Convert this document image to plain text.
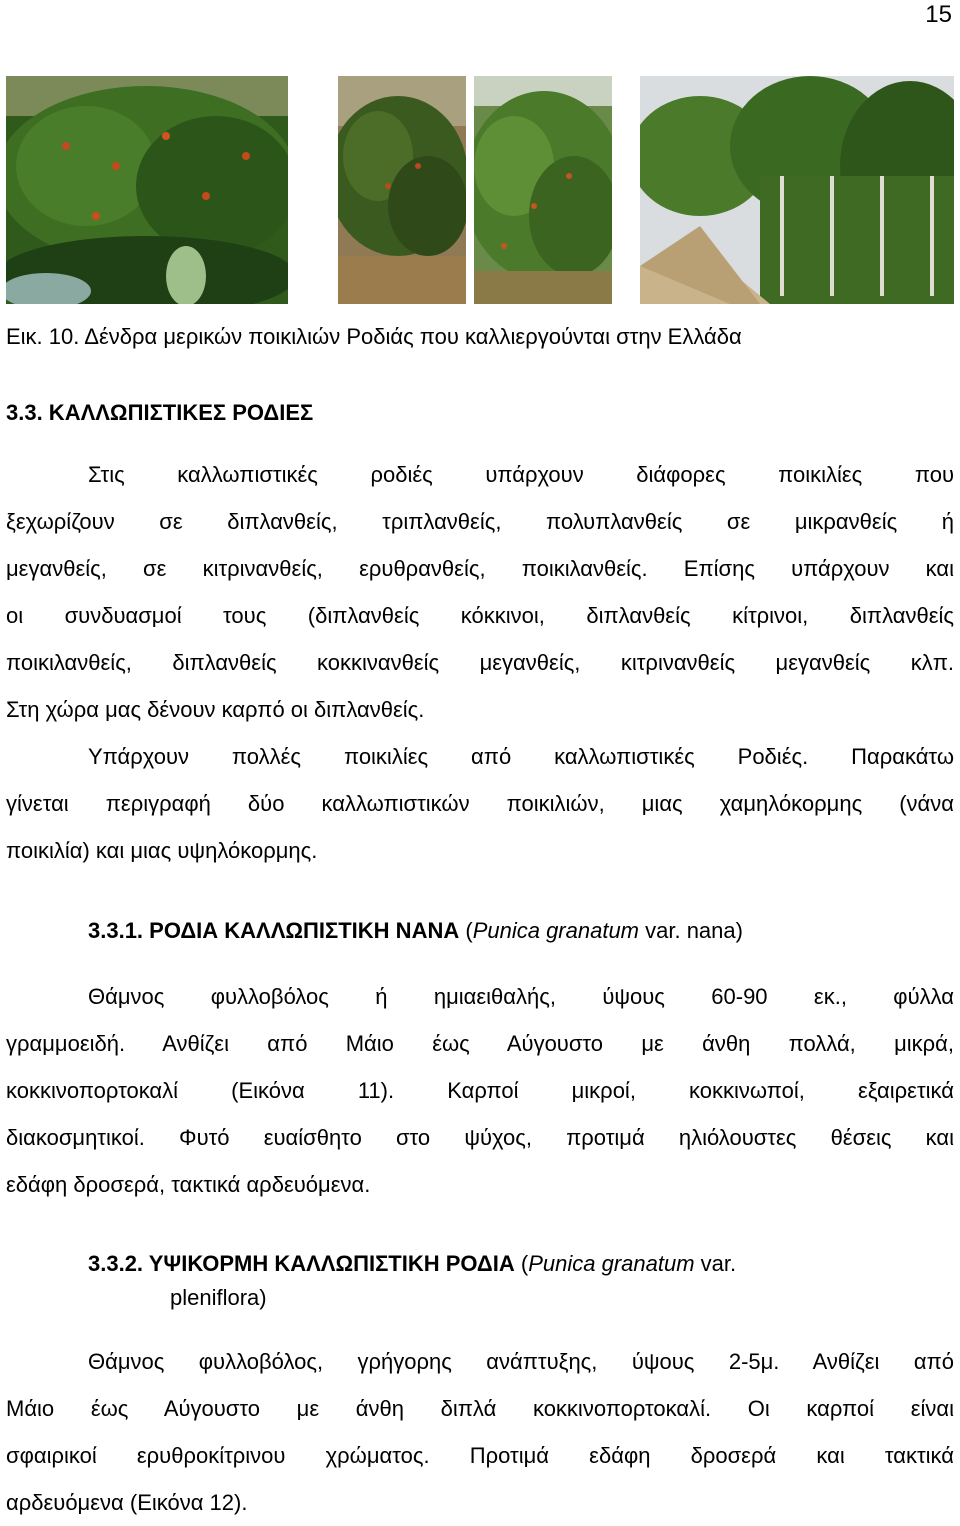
15
Εικ. 10. Δένδρα μερικών ποικιλιών Ροδιάς που καλλιεργούνται στην Ελλάδα
3.3. ΚΑΛΛΩΠΙΣΤΙΚΕΣ ΡΟΔΙΕΣ
Στις καλλωπιστικές ροδιές υπάρχουν διάφορες ποικιλίες που
ξεχωρίζουν σε διπλανθείς, τριπλανθείς, πολυπλανθείς σε μικρανθείς ή
μεγανθείς, σε κιτρινανθείς, ερυθρανθείς, ποικιλανθείς. Επίσης υπάρχουν και
οι συνδυασμοί τους (διπλανθείς κόκκινοι, διπλανθείς κίτρινοι, διπλανθείς
ποικιλανθείς, διπλανθείς κοκκινανθείς μεγανθείς, κιτρινανθείς μεγανθείς κλπ.
Στη χώρα μας δένουν καρπό οι διπλανθείς.
Υπάρχουν πολλές ποικιλίες από καλλωπιστικές Ροδιές. Παρακάτω
γίνεται περιγραφή δύο καλλωπιστικών ποικιλιών, μιας χαμηλόκορμης (νάνα
ποικιλία) και μιας υψηλόκορμης.
3.3.1. ΡΟΔΙΑ ΚΑΛΛΩΠΙΣΤΙΚΗ ΝΑΝΑ (Punica granatum var. nana)
Θάμνος φυλλοβόλος ή ημιαειθαλής, ύψους 60-90 εκ., φύλλα
γραμμοειδή. Ανθίζει από Μάιο έως Αύγουστο με άνθη πολλά, μικρά,
κοκκινοπορτοκαλί (Εικόνα 11). Καρποί μικροί, κοκκινωποί, εξαιρετικά
διακοσμητικοί. Φυτό ευαίσθητο στο ψύχος, προτιμά ηλιόλουστες θέσεις και
εδάφη δροσερά, τακτικά αρδευόμενα.
3.3.2. ΥΨΙΚΟΡΜΗ ΚΑΛΛΩΠΙΣΤΙΚΗ ΡΟΔΙΑ (Punica granatum var.
pleniflora)
Θάμνος φυλλοβόλος, γρήγορης ανάπτυξης, ύψους 2-5μ. Ανθίζει από
Μάιο έως Αύγουστο με άνθη διπλά κοκκινοπορτοκαλί. Οι καρποί είναι
σφαιρικοί ερυθροκίτρινου χρώματος. Προτιμά εδάφη δροσερά και τακτικά
αρδευόμενα (Εικόνα 12).
